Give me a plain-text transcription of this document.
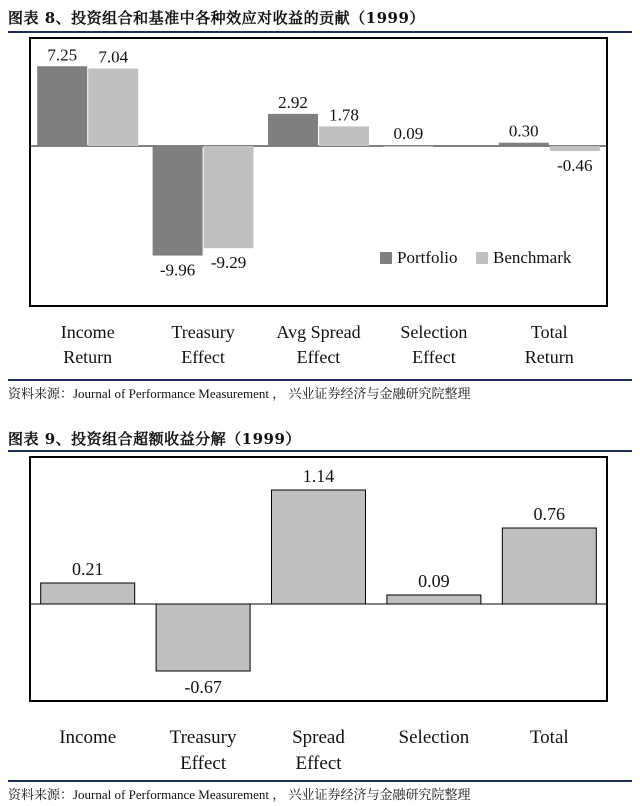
图表 8、投资组合和基准中各种效应对收益的贡献（1999）
7.25 7.04
Income
Return
-9.96 -9.29
Treasury
Effect
2.92
1.78
Avg Spread
Effect
0.09
Selection
Effect
0.30
-0.46
Total
Return
Portfolio Benchmark
资料来源：Journal of Performance Measurement ， 兴业证券经济与金融研究院整理
图表 9、投资组合超额收益分解（1999）
0.21
Income
-0.67
Treasury
Effect
1.14
Spread
Effect
0.09
Selection
0.76
Total
资料来源：Journal of Performance Measurement ， 兴业证券经济与金融研究院整理
